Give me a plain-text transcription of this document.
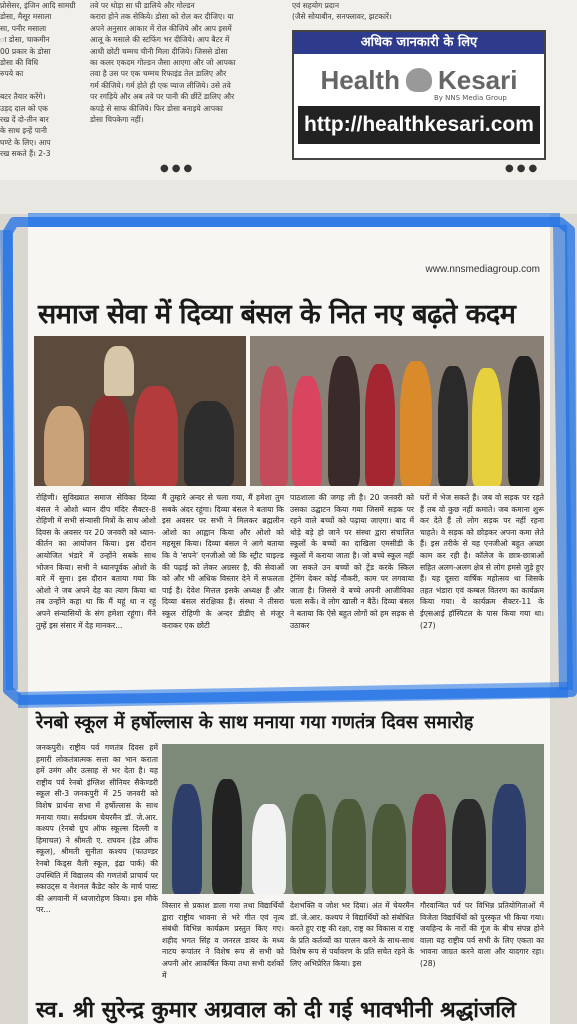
प्रोसेसर, इंजिन आदि सामग्री
डोसा, मैसूर मसाला
सा, पनीर मसाला
ा डोसा, चाकमीन
00 प्रकार के डोसा
डोसा की विधि
रुपये का

बटर तैयार करेंगे।
उड़द दाल को एक
रख दें दो-तीन बार
के साथ इन्हें पानी
घण्टे के लिए। आप
रख सकते हैं। 2-3
तवे पर थोड़ा सा घी डालिये और गोल्डन
करारा होने तक सेकिये। डोसा को रोल कर दीजिए। या
अपने अनुसार आकार में रोल कीजिये और आप इसमें
आलू के मसाले की स्टफिंग भर दीजिये। आप बैटर में
आधी छोटी चम्मच चीनी मिला दीजिये। जिससे डोसा
का कलर एकदम गोल्डन जैसा आएगा और जो आपका
तवा है उस पर एक चम्मच रिफाइंड तेल डालिए और
गर्म कीजिये। गर्म होते ही एक प्याज लीजिये। उसे तवे
पर रगड़िये और अब तवे पर पानी की छींटें डालिए और
कपड़े से साफ कीजिये। फिर डोसा बनाइये आपका
डोसा चिपकेगा नहीं।
एवं सहयोग प्रदान
(जैसे सोयाबीन, सनफ्लावर, झटकारें।
अधिक जानकारी के लिए
Health Kesari
By NNS Media Group
http://healthkesari.com
●●●	●●●
www.nnsmediagroup.com
समाज सेवा में दिव्या बंसल के नित नए बढ़ते कदम
रोहिणी। सुविख्यात समाज सेविका दिव्या बंसल ने ओशो ध्यान दीप मंदिर सैक्टर-8 रोहिणी में सभी संन्यासी मित्रों के साथ ओशो दिवस के अवसर पर 20 जनवरी को ध्यान-कीर्तन का आयोजन किया। इस दौरान आयोजित भंडारे में उन्होंने सबके साथ भोजन किया। सभी ने ध्यानपूर्वक ओशो के बारे में सुना। इस दौरान बताया गया कि ओशो ने जब अपने देह का त्याग किया था तब उन्होंने कहा था कि मैं यहूं था न रहूं अपने संन्यासियों के संग हमेशा रहूंगा। मैंने तुम्हें इस संसार में देह मानकर...
मैं तुम्हारे अन्दर से चला गया, मैं हमेशा तुम सबके अंदर रहूंगा। दिव्या बंसल ने बताया कि इस अवसर पर सभी ने मिलकर ब्रह्मलीन ओशो का आह्वान किया और ओशो को महसूस किया। दिव्या बंसल ने आगे बताया कि वे 'सपने' एनजीओ जो कि स्ट्रीट चाइल्ड की पढ़ाई को लेकर अग्रसर है, की सेवाओं को और भी अधिक विस्तार देने में सफलता पाई है। देवेश मित्तल इसके अध्यक्ष हैं और दिव्या बंसल संरक्षिका हैं। संस्था ने तीसरा स्कूल रोहिणी के अन्दर डीडीए से मंजूर कराकर एक छोटी
पाठशाला की जगह ली है। 20 जनवरी को उसका उद्घाटन किया गया जिसमें सड़क पर रहने वाले बच्चों को पढ़ाया जाएगा। बाद में थोड़े बड़े हो जाने पर संस्था द्वारा संचालित स्कूलों के बच्चों का दाखिला एमसीडी के स्कूलों में कराया जाता है। जो बच्चे स्कूल नहीं जा सकते उन बच्चों को ट्रेंड करके स्किल ट्रेनिंग देकर कोई नौकरी, काम पर लगवाया जाता है। जिससे वे बच्चे अपनी आजीविका चला सकें। वे लोग खाली न बैठें। दिव्या बंसल ने बताया कि ऐसे बहुत लोगों को हम सड़क से उठाकर
घरों में भेज सकते हैं। जब वो सड़क पर रहते हैं तब वो कुछ नहीं कमाते। जब कमाना शुरू कर देते हैं तो लोग सड़क पर नहीं रहना चाहते। वे सड़क को छोड़कर अपना कमा लेते हैं। इस तरीके से यह एनजीओ बहुत अच्छा काम कर रही है। कॉलेज के छात्र-छात्राओं सहित अलग-अलग क्षेत्र से लोग हमसे जुड़े हुए हैं। यह दूसरा वार्षिक महोत्सव था जिसके तहत भंडारा एवं कम्बल वितरण का कार्यक्रम किया गया। ये कार्यक्रम सैक्टर-11 के ईएसआई हॉस्पिटल के पास किया गया था। (27)
रेनबो स्कूल में हर्षोल्लास के साथ मनाया गया गणतंत्र दिवस समारोह
जनकपुरी। राष्ट्रीय पर्व गणतंत्र दिवस हमें हमारी लोकतंत्रात्मक सत्ता का भान कराता हमें उमंग और उत्साह से भर देता है। यह राष्ट्रीय पर्व रेनबो इंग्लिश सीनियर सैकेण्डरी स्कूल सी-3 जनकपुरी में 25 जनवरी को विशेष प्रार्थना सभा में हर्षोल्लास के साथ मनाया गया। सर्वप्रथम चेयरमैन डॉ. जे.आर. कश्यप (रेनबो ग्रुप ऑफ स्कूल्स दिल्ली व हिमाचल) ने श्रीमती ए. राघवन (हेड ऑफ स्कूल), श्रीमती सुनीता कश्यप (फाउण्डर रेनबो किड्स वैली स्कूल, इंद्रा पार्क) की उपस्थिति में विद्यालय की गणतंत्रों प्राचार्य पर स्काउट्स व नेशनल कैडेट कोर के मार्च पास्ट की अगवानी में ध्वजारोहण किया। इस मौके पर...	विस्तार से प्रकाश डाला गया तथा विद्यार्थियों द्वारा राष्ट्रीय भावना से भरे गीत एवं नृत्य संबंधी विभिन्न कार्यक्रम प्रस्तुत किए गए। शहीद भगत सिंह व जनरल डायर के मध्य नाटय रूपांतर ने विशेष रूप से सभी को अपनी ओर आकर्षित किया तथा सभी दर्शकों में
देशभक्ति व जोश भर दिया। अंत में चेयरमैन डॉ. जे.आर. कश्यप ने विद्यार्थियों को संबोधित करते हुए राष्ट्र की रक्षा, राष्ट्र का विकास व राष्ट्र के प्रति कर्तव्यों का पालन करने के साथ-साथ विशेष रूप से पर्यावरण के प्रति सचेत रहने के लिए अभिप्रेरित किया। इस
गौरवान्वित पर्व पर विभिन्न प्रतियोगिताओं में विजेता विद्यार्थियों को पुरस्कृत भी किया गया। जयहिन्द के नारों की गूंज के बीच संपन्न होने वाला यह राष्ट्रीय पर्व सभी के लिए एकता का भावना जाग्रत करने वाला और यादगार रहा। (28)
स्व. श्री सुरेन्द्र कुमार अग्रवाल को दी गई भावभीनी श्रद्धांजलि
